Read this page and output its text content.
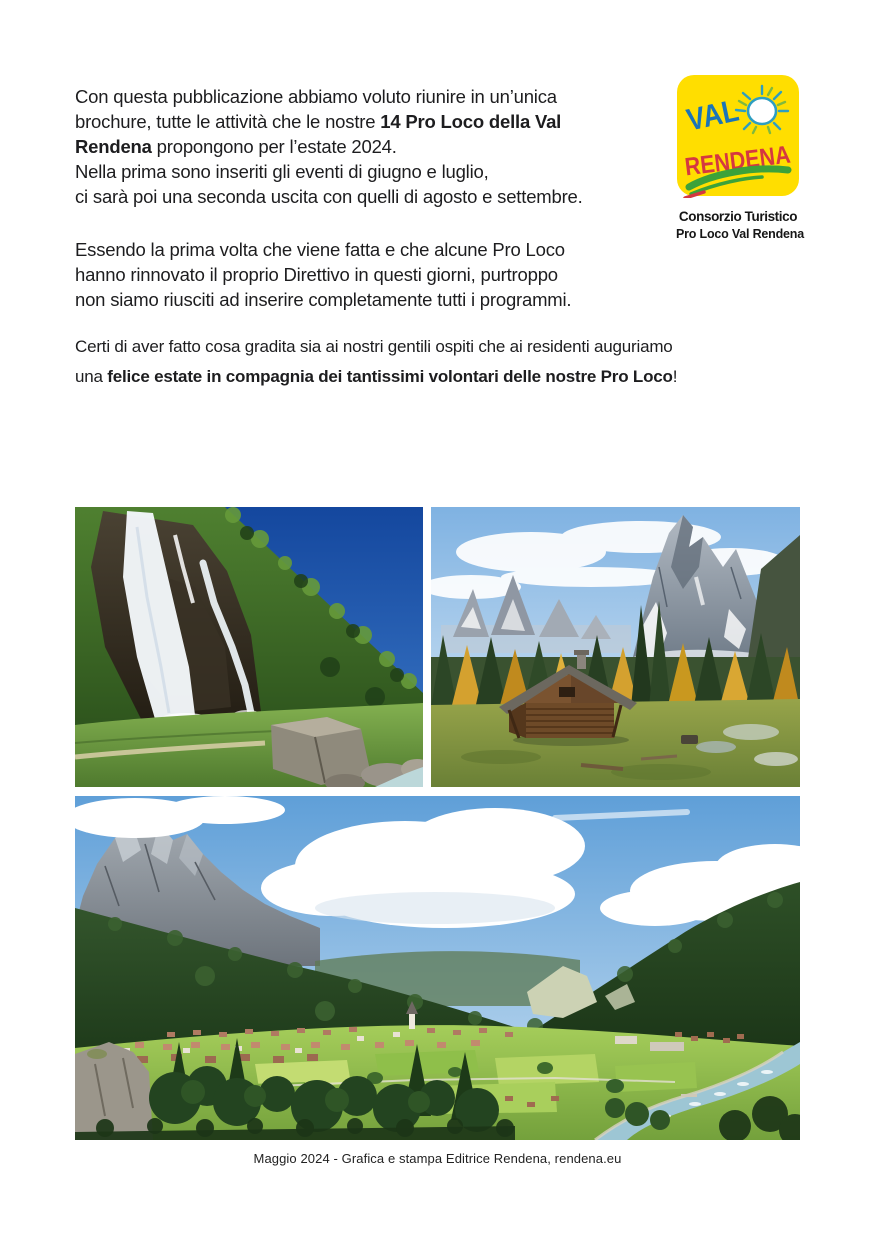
Con questa pubblicazione abbiamo voluto riunire in un’unica
brochure, tutte le attività che le nostre 14 Pro Loco della Val
Rendena propongono per l’estate 2024.
Nella prima sono inseriti gli eventi di giugno e luglio,
ci sarà poi una seconda uscita con quelli di agosto e settembre.
VAL
RENDENA
Consorzio Turistico
Pro Loco Val Rendena
Essendo la prima volta che viene fatta e che alcune Pro Loco
hanno rinnovato il proprio Direttivo in questi giorni, purtroppo
non siamo riusciti ad inserire completamente tutti i programmi.
Certi di aver fatto cosa gradita sia ai nostri gentili ospiti che ai residenti auguriamo
una felice estate in compagnia dei tantissimi volontari delle nostre Pro Loco!
Maggio 2024 - Grafica e stampa Editrice Rendena, rendena.eu
